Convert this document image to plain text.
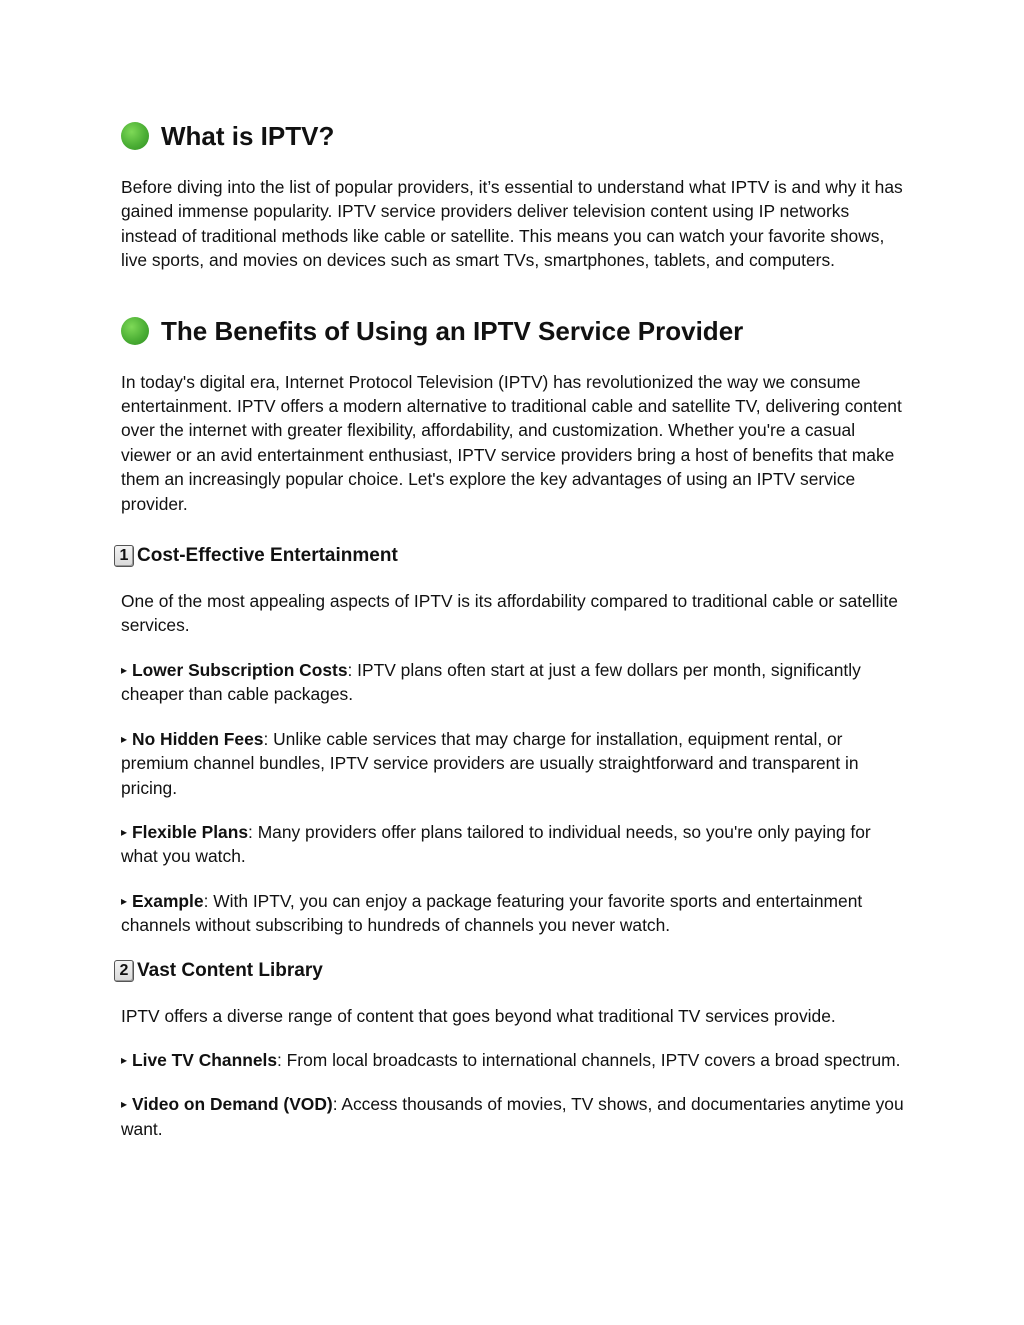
What is IPTV?

Before diving into the list of popular providers, it’s essential to understand what IPTV is and why it has gained immense popularity. IPTV service providers deliver television content using IP networks instead of traditional methods like cable or satellite. This means you can watch your favorite shows, live sports, and movies on devices such as smart TVs, smartphones, tablets, and computers.

The Benefits of Using an IPTV Service Provider

In today's digital era, Internet Protocol Television (IPTV) has revolutionized the way we consume entertainment. IPTV offers a modern alternative to traditional cable and satellite TV, delivering content over the internet with greater flexibility, affordability, and customization. Whether you're a casual viewer or an avid entertainment enthusiast, IPTV service providers bring a host of benefits that make them an increasingly popular choice. Let's explore the key advantages of using an IPTV service provider.

1 Cost-Effective Entertainment

One of the most appealing aspects of IPTV is its affordability compared to traditional cable or satellite services.

▸ Lower Subscription Costs: IPTV plans often start at just a few dollars per month, significantly cheaper than cable packages.

▸ No Hidden Fees: Unlike cable services that may charge for installation, equipment rental, or premium channel bundles, IPTV service providers are usually straightforward and transparent in pricing.

▸ Flexible Plans: Many providers offer plans tailored to individual needs, so you're only paying for what you watch.

▸ Example: With IPTV, you can enjoy a package featuring your favorite sports and entertainment channels without subscribing to hundreds of channels you never watch.

2 Vast Content Library

IPTV offers a diverse range of content that goes beyond what traditional TV services provide.

▸ Live TV Channels: From local broadcasts to international channels, IPTV covers a broad spectrum.

▸ Video on Demand (VOD): Access thousands of movies, TV shows, and documentaries anytime you want.
